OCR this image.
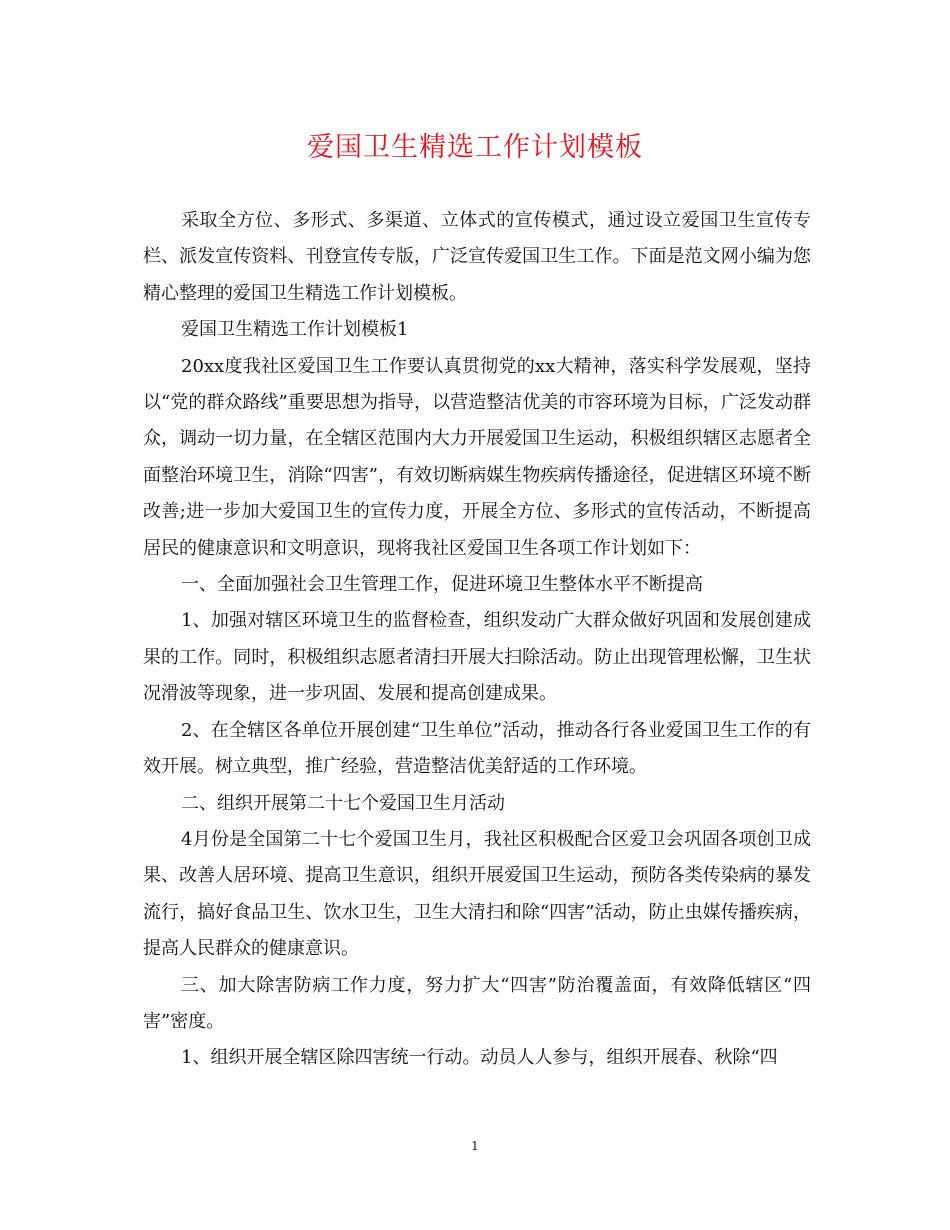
爱国卫生精选工作计划模板

采取全方位、多形式、多渠道、立体式的宣传模式，通过设立爱国卫生宣传专栏、派发宣传资料、刊登宣传专版，广泛宣传爱国卫生工作。下面是范文网小编为您精心整理的爱国卫生精选工作计划模板。

爱国卫生精选工作计划模板1

20xx度我社区爱国卫生工作要认真贯彻党的xx大精神，落实科学发展观，坚持以“党的群众路线”重要思想为指导，以营造整洁优美的市容环境为目标，广泛发动群众，调动一切力量，在全辖区范围内大力开展爱国卫生运动，积极组织辖区志愿者全面整治环境卫生，消除“四害”，有效切断病媒生物疾病传播途径，促进辖区环境不断改善;进一步加大爱国卫生的宣传力度，开展全方位、多形式的宣传活动，不断提高居民的健康意识和文明意识，现将我社区爱国卫生各项工作计划如下：

一、全面加强社会卫生管理工作，促进环境卫生整体水平不断提高

1、加强对辖区环境卫生的监督检查，组织发动广大群众做好巩固和发展创建成果的工作。同时，积极组织志愿者清扫开展大扫除活动。防止出现管理松懈，卫生状况滑波等现象，进一步巩固、发展和提高创建成果。

2、在全辖区各单位开展创建“卫生单位”活动，推动各行各业爱国卫生工作的有效开展。树立典型，推广经验，营造整洁优美舒适的工作环境。

二、组织开展第二十七个爱国卫生月活动

4月份是全国第二十七个爱国卫生月，我社区积极配合区爱卫会巩固各项创卫成果、改善人居环境、提高卫生意识，组织开展爱国卫生运动，预防各类传染病的暴发流行，搞好食品卫生、饮水卫生，卫生大清扫和除“四害”活动，防止虫媒传播疾病，提高人民群众的健康意识。

三、加大除害防病工作力度，努力扩大“四害”防治覆盖面，有效降低辖区“四害”密度。

1、组织开展全辖区除四害统一行动。动员人人参与，组织开展春、秋除“四

1
